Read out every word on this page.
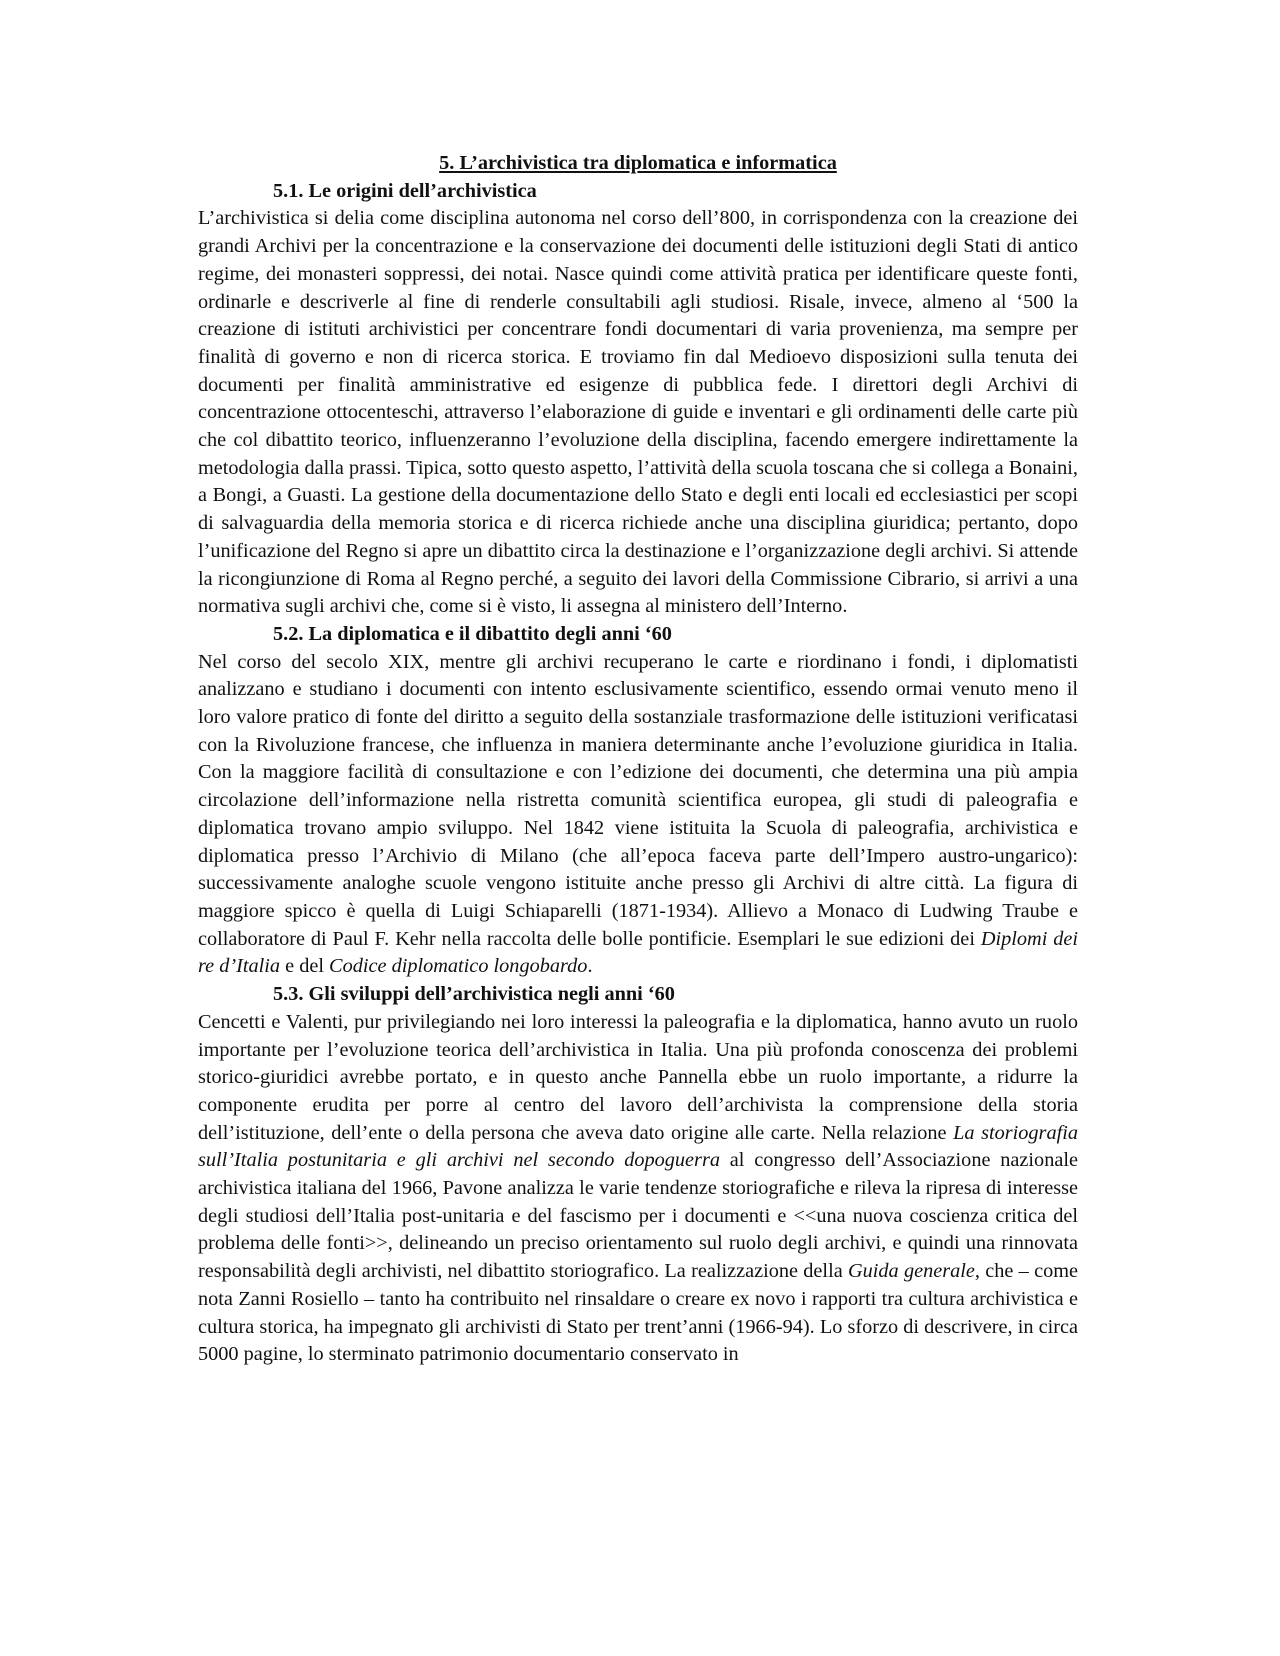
5. L’archivistica tra diplomatica e informatica

5.1. Le origini dell’archivistica

L’archivistica si delia come disciplina autonoma nel corso dell’800, in corrispondenza con la creazione dei grandi Archivi per la concentrazione e la conservazione dei documenti delle istituzioni degli Stati di antico regime, dei monasteri soppressi, dei notai. Nasce quindi come attività pratica per identificare queste fonti, ordinarle e descriverle al fine di renderle consultabili agli studiosi. Risale, invece, almeno al ‘500 la creazione di istituti archivistici per concentrare fondi documentari di varia provenienza, ma sempre per finalità di governo e non di ricerca storica. E troviamo fin dal Medioevo disposizioni sulla tenuta dei documenti per finalità amministrative ed esigenze di pubblica fede. I direttori degli Archivi di concentrazione ottocenteschi, attraverso l’elaborazione di guide e inventari e gli ordinamenti delle carte più che col dibattito teorico, influenzeranno l’evoluzione della disciplina, facendo emergere indirettamente la metodologia dalla prassi. Tipica, sotto questo aspetto, l’attività della scuola toscana che si collega a Bonaini, a Bongi, a Guasti. La gestione della documentazione dello Stato e degli enti locali ed ecclesiastici per scopi di salvaguardia della memoria storica e di ricerca richiede anche una disciplina giuridica; pertanto, dopo l’unificazione del Regno si apre un dibattito circa la destinazione e l’organizzazione degli archivi. Si attende la ricongiunzione di Roma al Regno perché, a seguito dei lavori della Commissione Cibrario, si arrivi a una normativa sugli archivi che, come si è visto, li assegna al ministero dell’Interno.

5.2. La diplomatica e il dibattito degli anni ‘60

Nel corso del secolo XIX, mentre gli archivi recuperano le carte e riordinano i fondi, i diplomatisti analizzano e studiano i documenti con intento esclusivamente scientifico, essendo ormai venuto meno il loro valore pratico di fonte del diritto a seguito della sostanziale trasformazione delle istituzioni verificatasi con la Rivoluzione francese, che influenza in maniera determinante anche l’evoluzione giuridica in Italia. Con la maggiore facilità di consultazione e con l’edizione dei documenti, che determina una più ampia circolazione dell’informazione nella ristretta comunità scientifica europea, gli studi di paleografia e diplomatica trovano ampio sviluppo. Nel 1842 viene istituita la Scuola di paleografia, archivistica e diplomatica presso l’Archivio di Milano (che all’epoca faceva parte dell’Impero austro-ungarico): successivamente analoghe scuole vengono istituite anche presso gli Archivi di altre città. La figura di maggiore spicco è quella di Luigi Schiaparelli (1871-1934). Allievo a Monaco di Ludwing Traube e collaboratore di Paul F. Kehr nella raccolta delle bolle pontificie. Esemplari le sue edizioni dei Diplomi dei re d’Italia e del Codice diplomatico longobardo.

5.3. Gli sviluppi dell’archivistica negli anni ‘60

Cencetti e Valenti, pur privilegiando nei loro interessi la paleografia e la diplomatica, hanno avuto un ruolo importante per l’evoluzione teorica dell’archivistica in Italia. Una più profonda conoscenza dei problemi storico-giuridici avrebbe portato, e in questo anche Pannella ebbe un ruolo importante, a ridurre la componente erudita per porre al centro del lavoro dell’archivista la comprensione della storia dell’istituzione, dell’ente o della persona che aveva dato origine alle carte. Nella relazione La storiografia sull’Italia postunitaria e gli archivi nel secondo dopoguerra al congresso dell’Associazione nazionale archivistica italiana del 1966, Pavone analizza le varie tendenze storiografiche e rileva la ripresa di interesse degli studiosi dell’Italia post-unitaria e del fascismo per i documenti e <<una nuova coscienza critica del problema delle fonti>>, delineando un preciso orientamento sul ruolo degli archivi, e quindi una rinnovata responsabilità degli archivisti, nel dibattito storiografico. La realizzazione della Guida generale, che – come nota Zanni Rosiello – tanto ha contribuito nel rinsaldare o creare ex novo i rapporti tra cultura archivistica e cultura storica, ha impegnato gli archivisti di Stato per trent’anni (1966-94). Lo sforzo di descrivere, in circa 5000 pagine, lo sterminato patrimonio documentario conservato in
